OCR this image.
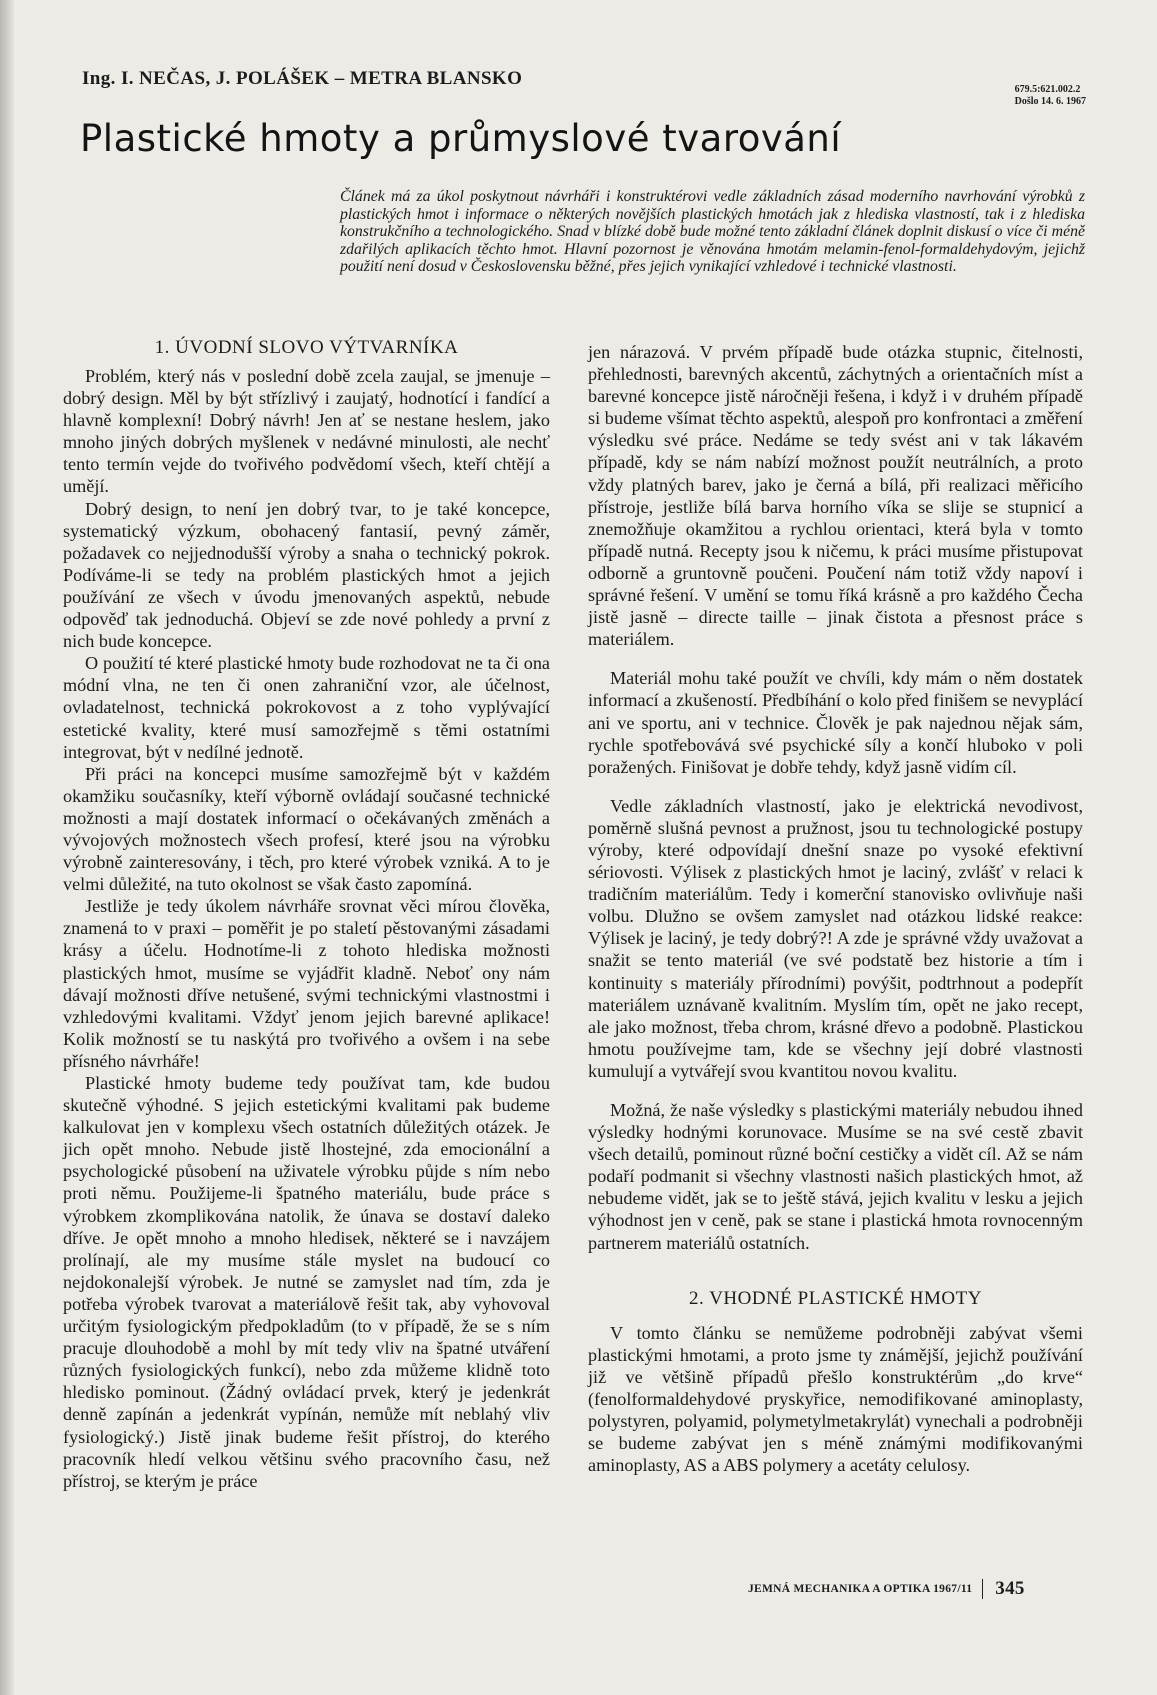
Ing. I. NEČAS, J. POLÁŠEK – METRA BLANSKO
679.5:621.002.2
Došlo 14. 6. 1967
Plastické hmoty a průmyslové tvarování

Článek má za úkol poskytnout návrháři i konstruktérovi vedle základních zásad moderního navrhování výrobků z plastických hmot i informace o některých novějších plastických hmotách jak z hlediska vlastností, tak i z hlediska konstrukčního a technologického. Snad v blízké době bude možné tento základní článek doplnit diskusí o více či méně zdařilých aplikacích těchto hmot. Hlavní pozornost je věnována hmotám melamin-fenol-formaldehydovým, jejichž použití není dosud v Československu běžné, přes jejich vynikající vzhledové i technické vlastnosti.

1. ÚVODNÍ SLOVO VÝTVARNÍKA

Problém, který nás v poslední době zcela zaujal, se jmenuje – dobrý design. Měl by být střízlivý i zaujatý, hodnotící i fandící a hlavně komplexní! Dobrý návrh! Jen ať se nestane heslem, jako mnoho jiných dobrých myšlenek v nedávné minulosti, ale nechť tento termín vejde do tvořivého podvědomí všech, kteří chtějí a umějí.

Dobrý design, to není jen dobrý tvar, to je také koncepce, systematický výzkum, obohacený fantasií, pevný záměr, požadavek co nejjednodušší výroby a snaha o technický pokrok. Podívámе-li se tedy na problém plastických hmot a jejich používání ze všech v úvodu jmenovaných aspektů, nebude odpověď tak jednoduchá. Objeví se zde nové pohledy a první z nich bude koncepce.

O použití té které plastické hmoty bude rozhodovat ne ta či ona módní vlna, ne ten či onen zahraniční vzor, ale účelnost, ovladatelnost, technická pokrokovost a z toho vyplývající estetické kvality, které musí samozřejmě s těmi ostatními integrovat, být v nedílné jednotě.

Při práci na koncepci musíme samozřejmě být v každém okamžiku současníky, kteří výborně ovládají současné technické možnosti a mají dostatek informací o očekávaných změnách a vývojových možnostech všech profesí, které jsou na výrobku výrobně zainteresovány, i těch, pro které výrobek vzniká. A to je velmi důležité, na tuto okolnost se však často zapomíná.

Jestliže je tedy úkolem návrháře srovnat věci mírou člověka, znamená to v praxi – poměřit je po staletí pěstovanými zásadami krásy a účelu. Hodnotíme-li z tohoto hlediska možnosti plastických hmot, musíme se vyjádřit kladně. Neboť ony nám dávají možnosti dříve netušené, svými technickými vlastnostmi i vzhledovými kvalitami. Vždyť jenom jejich barevné aplikace! Kolik možností se tu naskýtá pro tvořivého a ovšem i na sebe přísného návrháře!

Plastické hmoty budeme tedy používat tam, kde budou skutečně výhodné. S jejich estetickými kvalitami pak budeme kalkulovat jen v komplexu všech ostatních důležitých otázek. Je jich opět mnoho. Nebude jistě lhostejné, zda emocionální a psychologické působení na uživatele výrobku půjde s ním nebo proti němu. Použijeme-li špatného materiálu, bude práce s výrobkem zkomplikována natolik, že únava se dostaví daleko dříve. Je opět mnoho a mnoho hledisek, některé se i navzájem prolínají, ale my musíme stále myslet na budoucí co nejdokonalejší výrobek. Je nutné se zamyslet nad tím, zda je potřeba výrobek tvarovat a materiálově řešit tak, aby vyhovoval určitým fysiologickým předpokladům (to v případě, že se s ním pracuje dlouhodobě a mohl by mít tedy vliv na špatné utváření různých fysiologických funkcí), nebo zda můžeme klidně toto hledisko pominout. (Žádný ovládací prvek, který je jedenkrát denně zapínán a jedenkrát vypínán, nemůže mít neblahý vliv fysiologický.) Jistě jinak budeme řešit přístroj, do kterého pracovník hledí velkou většinu svého pracovního času, než přístroj, se kterým je práce

jen nárazová. V prvém případě bude otázka stupnic, čitelnosti, přehlednosti, barevných akcentů, záchytných a orientačních míst a barevné koncepce jistě náročněji řešena, i když i v druhém případě si budeme všímat těchto aspektů, alespoň pro konfrontaci a změření výsledku své práce. Nedáme se tedy svést ani v tak lákavém případě, kdy se nám nabízí možnost použít neutrálních, a proto vždy platných barev, jako je černá a bílá, při realizaci měřicího přístroje, jestliže bílá barva horního víka se slije se stupnicí a znemožňuje okamžitou a rychlou orientaci, která byla v tomto případě nutná. Recepty jsou k ničemu, k práci musíme přistupovat odborně a gruntovně poučeni. Poučení nám totiž vždy napoví i správné řešení. V umění se tomu říká krásně a pro každého Čecha jistě jasně – directe taille – jinak čistota a přesnost práce s materiálem.

Materiál mohu také použít ve chvíli, kdy mám o něm dostatek informací a zkušeností. Předbíhání o kolo před finišem se nevyplácí ani ve sportu, ani v technice. Člověk je pak najednou nějak sám, rychle spotřebovává své psychické síly a končí hluboko v poli poražených. Finišovat je dobře tehdy, když jasně vidím cíl.

Vedle základních vlastností, jako je elektrická nevodivost, poměrně slušná pevnost a pružnost, jsou tu technologické postupy výroby, které odpovídají dnešní snaze po vysoké efektivní sériovosti. Výlisek z plastických hmot je laciný, zvlášť v relaci k tradičním materiálům. Tedy i komerční stanovisko ovlivňuje naši volbu. Dlužno se ovšem zamyslet nad otázkou lidské reakce: Výlisek je laciný, je tedy dobrý?! A zde je správné vždy uvažovat a snažit se tento materiál (ve své podstatě bez historie a tím i kontinuity s materiály přírodními) povýšit, podtrhnout a podepřít materiálem uznávaně kvalitním. Myslím tím, opět ne jako recept, ale jako možnost, třeba chrom, krásné dřevo a podobně. Plastickou hmotu používejme tam, kde se všechny její dobré vlastnosti kumulují a vytvářejí svou kvantitou novou kvalitu.

Možná, že naše výsledky s plastickými materiály nebudou ihned výsledky hodnými korunovace. Musíme se na své cestě zbavit všech detailů, pominout různé boční cestičky a vidět cíl. Až se nám podaří podmanit si všechny vlastnosti našich plastických hmot, až nebudeme vidět, jak se to ještě stává, jejich kvalitu v lesku a jejich výhodnost jen v ceně, pak se stane i plastická hmota rovnocenným partnerem materiálů ostatních.

2. VHODNÉ PLASTICKÉ HMOTY

V tomto článku se nemůžeme podrobněji zabývat všemi plastickými hmotami, a proto jsme ty známější, jejichž používání již ve většině případů přešlo konstruktérům „do krve“ (fenolformaldehydové pryskyřice, nemodifikované aminoplasty, polystyren, polyamid, polymetylmetakrylát) vynechali a podrobněji se budeme zabývat jen s méně známými modifikovanými aminoplasty, AS a ABS polymery a acetáty celulosy.

JEMNÁ MECHANIKA A OPTIKA 1967/11 345
